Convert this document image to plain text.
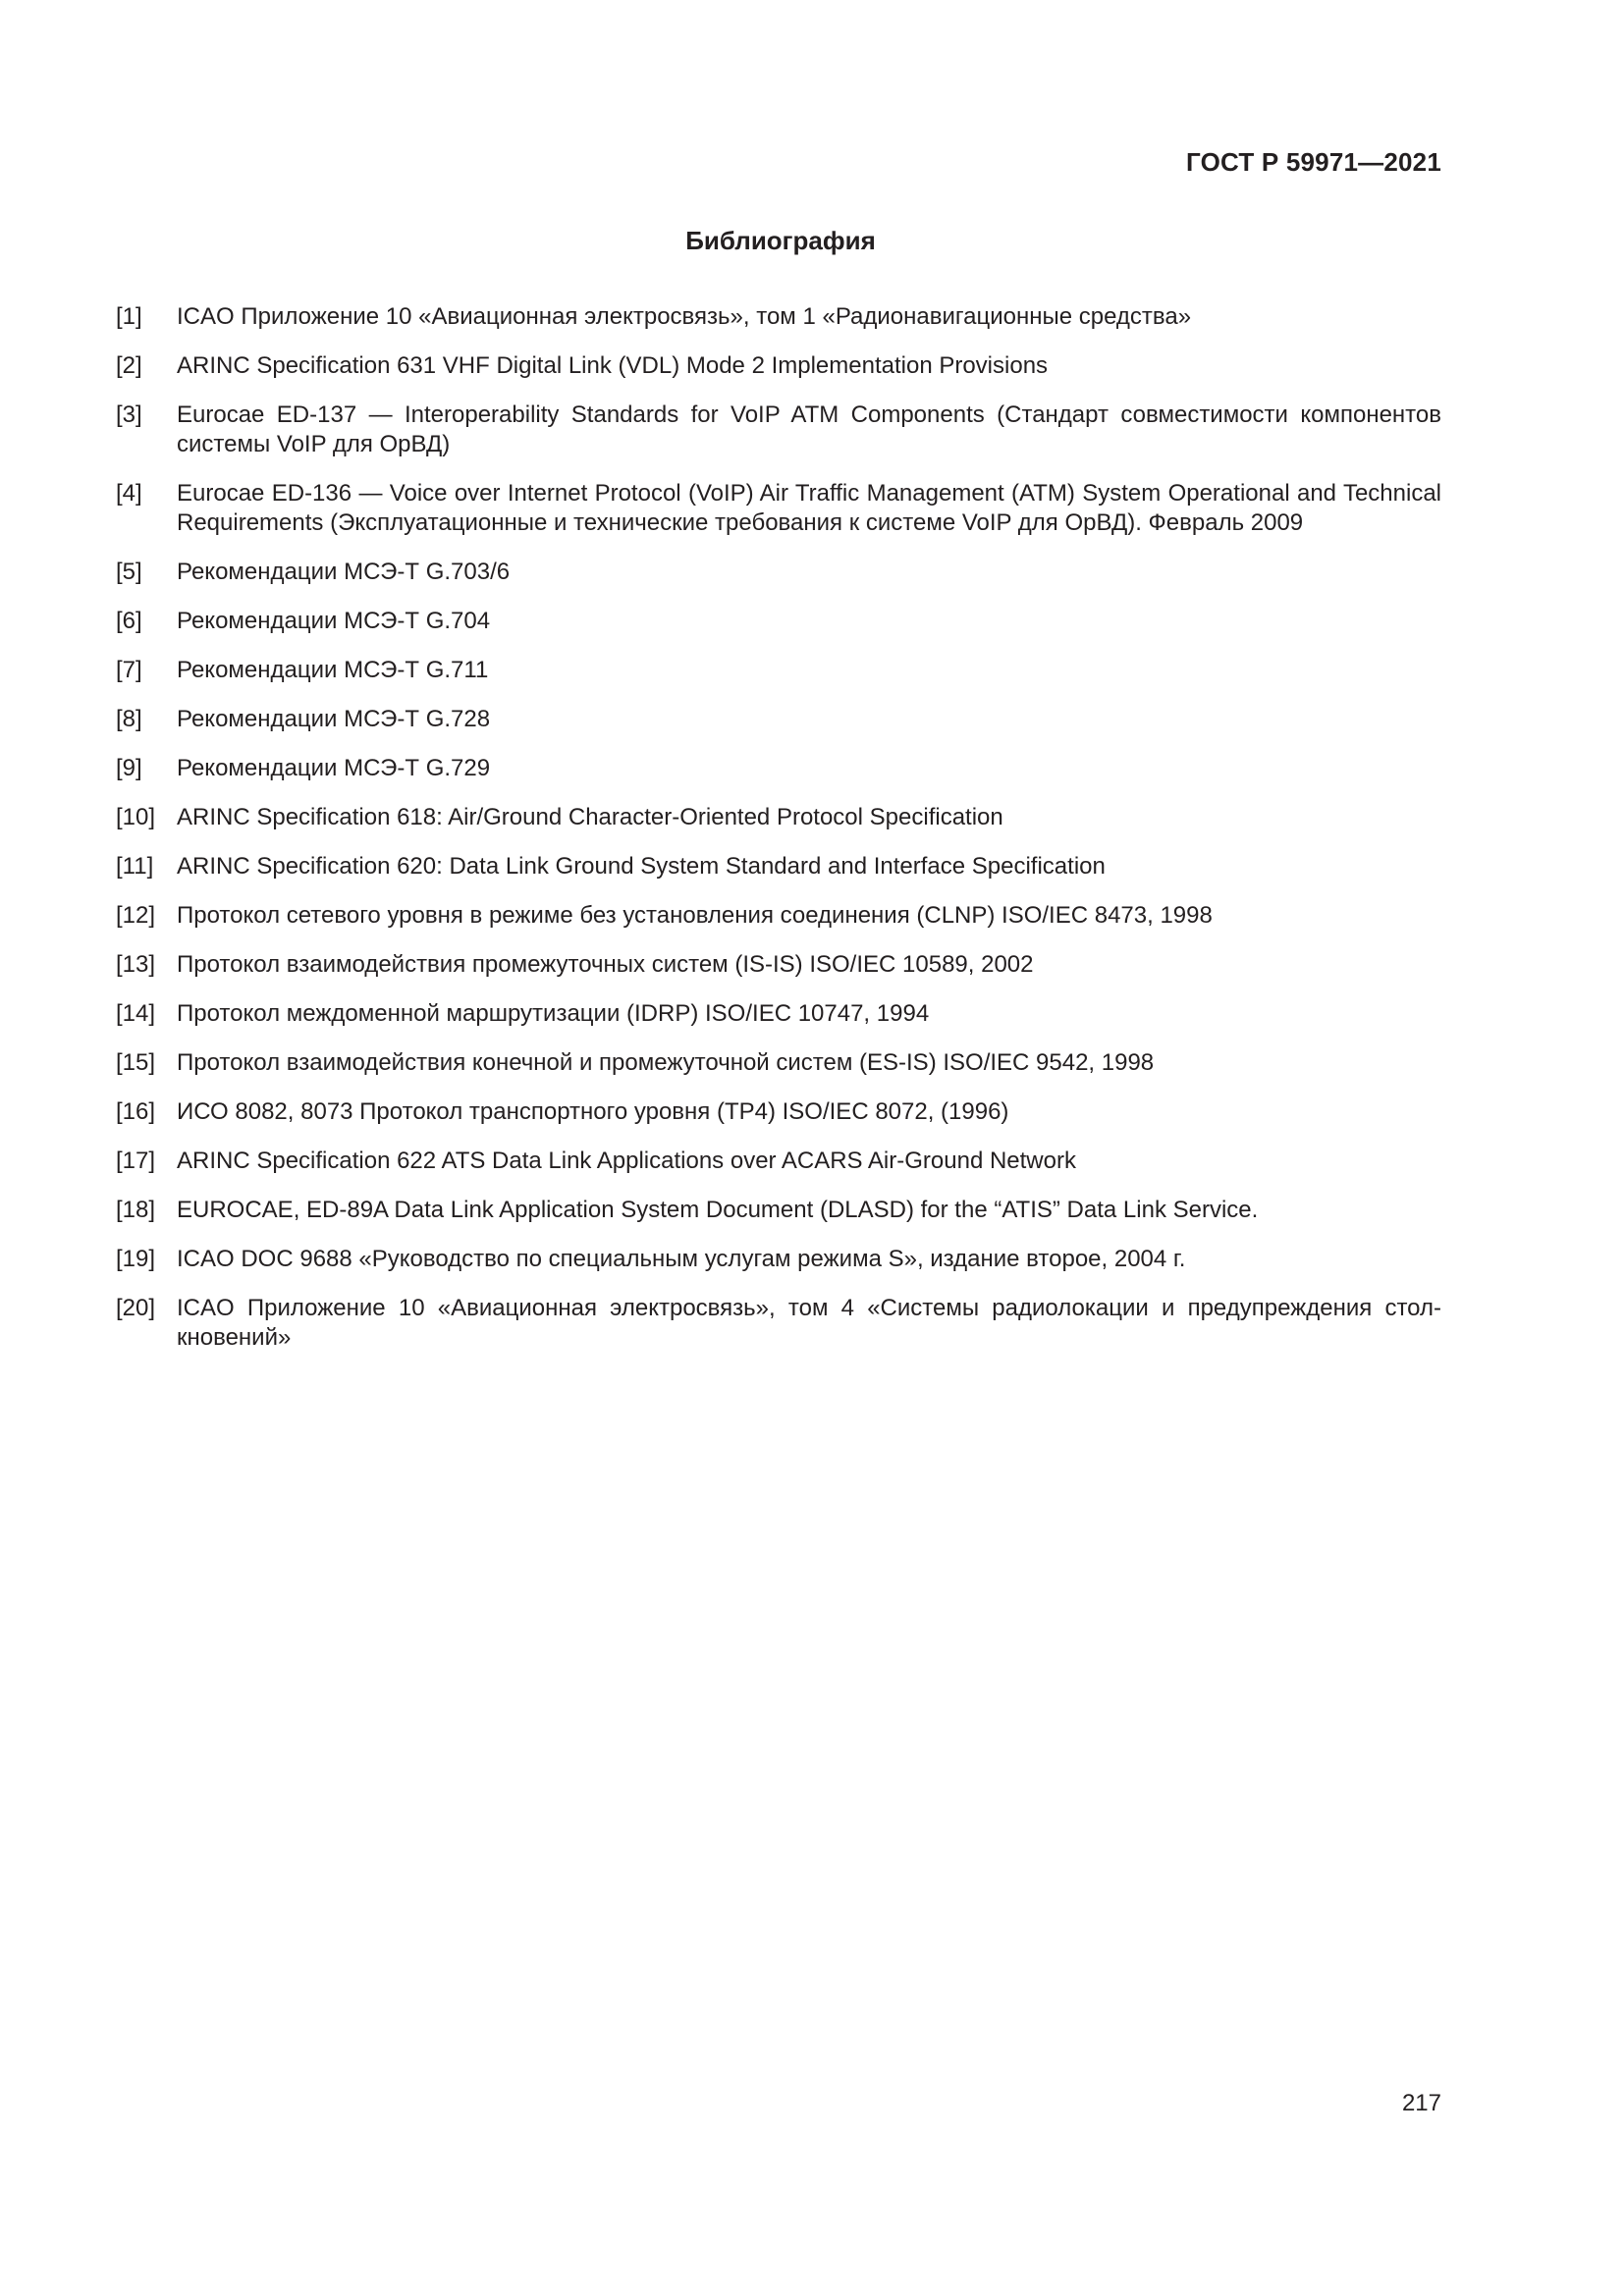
ГОСТ Р 59971—2021
Библиография
[1]	ICAO Приложение 10 «Авиационная электросвязь», том 1 «Радионавигационные средства»
[2]	ARINC Specification 631 VHF Digital Link (VDL) Mode 2 Implementation Provisions
[3]	Eurocae ED-137 — Interoperability Standards for VoIP ATM Components (Стандарт совместимости компонентов системы VoIP для ОрВД)
[4]	Eurocae ED-136 — Voice over Internet Protocol (VoIP) Air Traffic Management (ATM) System Operational and Technical Requirements (Эксплуатационные и технические требования к системе VoIP для ОрВД). Февраль 2009
[5]	Рекомендации МСЭ-Т G.703/6
[6]	Рекомендации МСЭ-Т G.704
[7]	Рекомендации МСЭ-Т G.711
[8]	Рекомендации МСЭ-Т G.728
[9]	Рекомендации МСЭ-Т G.729
[10] ARINC Specification 618: Air/Ground Character-Oriented Protocol Specification
[11] ARINC Specification 620: Data Link Ground System Standard and Interface Specification
[12] Протокол сетевого уровня в режиме без установления соединения (CLNP) ISO/IEC 8473, 1998
[13] Протокол взаимодействия промежуточных систем (IS-IS) ISO/IEC 10589, 2002
[14] Протокол междоменной маршрутизации (IDRP) ISO/IEC 10747, 1994
[15] Протокол взаимодействия конечной и промежуточной систем (ES-IS) ISO/IEC 9542, 1998
[16] ИСО 8082, 8073 Протокол транспортного уровня (TP4) ISO/IEC 8072, (1996)
[17] ARINC Specification 622 ATS Data Link Applications over ACARS Air-Ground Network
[18] EUROCAE, ED-89A Data Link Application System Document (DLASD) for the “ATIS” Data Link Service.
[19] ICAO DOC 9688 «Руководство по специальным услугам режима S», издание второе, 2004 г.
[20] ICAO Приложение 10 «Авиационная электросвязь», том 4 «Системы радиолокации и предупреждения столкновений»
217
